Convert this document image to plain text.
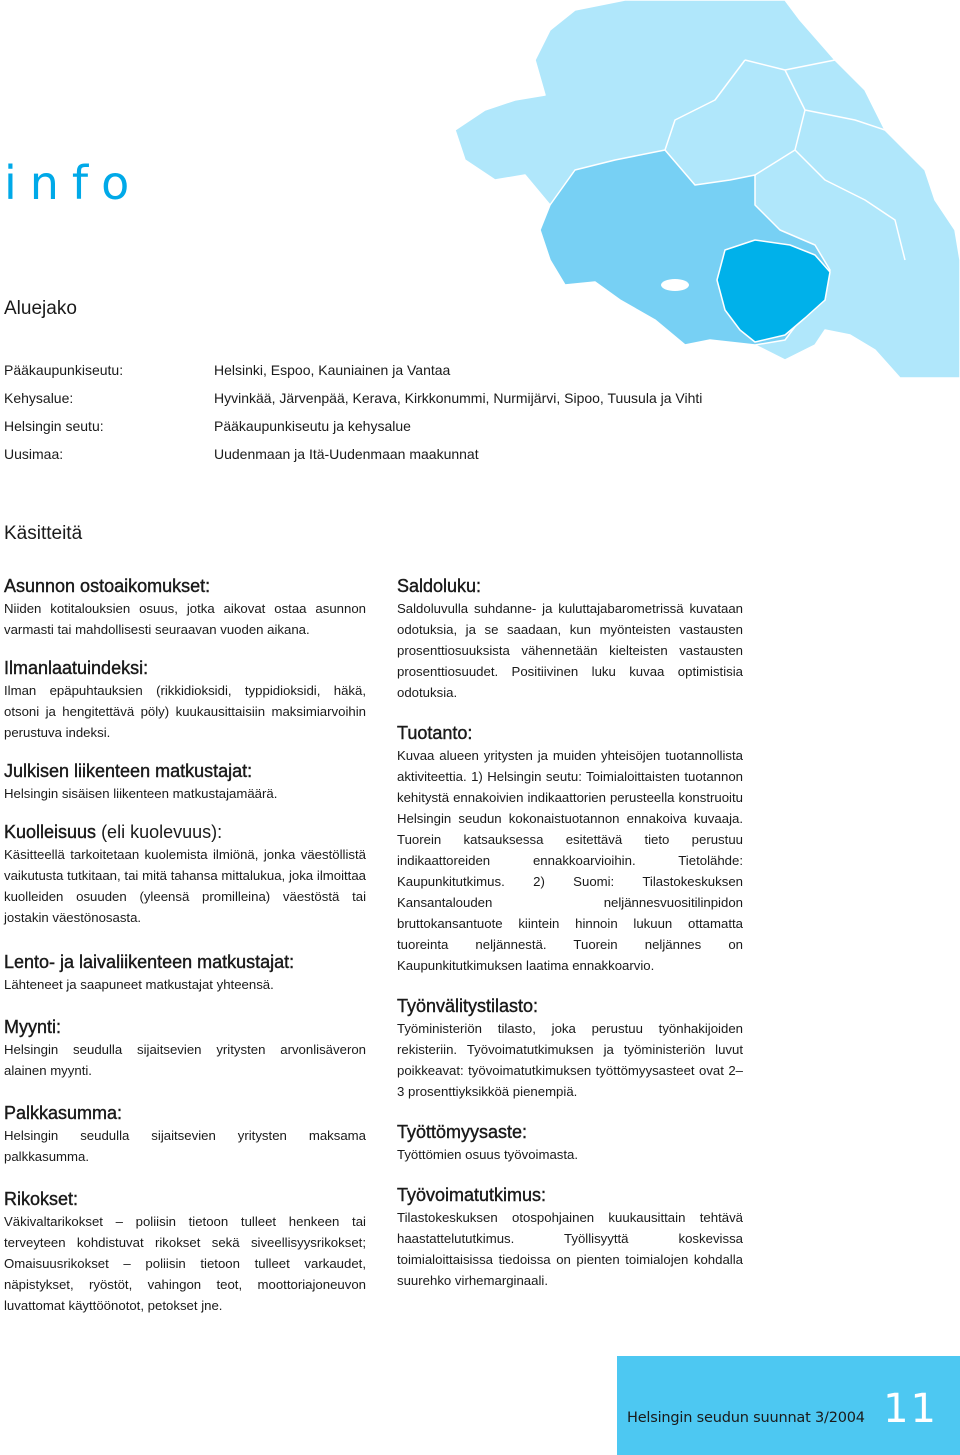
info
Aluejako
Pääkaupunkiseutu:	Helsinki, Espoo, Kauniainen ja Vantaa
Kehysalue:	Hyvinkää, Järvenpää, Kerava, Kirkkonummi, Nurmijärvi, Sipoo, Tuusula ja Vihti
Helsingin seutu:	Pääkaupunkiseutu ja kehysalue
Uusimaa:	Uudenmaan ja Itä-Uudenmaan maakunnat
Käsitteitä
Asunnon ostoaikomukset:

Niiden kotitalouksien osuus, jotka aikovat ostaa asunnon varmasti tai mahdollisesti seuraavan vuoden aikana.

Ilmanlaatuindeksi:

Ilman epäpuhtauksien (rikkidioksidi, typpidioksidi, häkä, otsoni ja hengitettävä pöly) kuukausittaisiin maksimiarvoihin perustuva indeksi.

Julkisen liikenteen matkustajat:

Helsingin sisäisen liikenteen matkustajamäärä.

Kuolleisuus (eli kuolevuus):

Käsitteellä tarkoitetaan kuolemista ilmiönä, jonka väestöllistä vaikutusta tutkitaan, tai mitä tahansa mittalukua, joka ilmoittaa kuolleiden osuuden (yleensä promilleina) väestöstä tai jostakin väestönosasta.

Lento- ja laivaliikenteen matkustajat:

Lähteneet ja saapuneet matkustajat yhteensä.

Myynti:

Helsingin seudulla sijaitsevien yritysten arvonlisäveron alainen myynti.

Palkkasumma:

Helsingin seudulla sijaitsevien yritysten maksama palkkasumma.

Rikokset:

Väkivaltarikokset – poliisin tietoon tulleet henkeen tai terveyteen kohdistuvat rikokset sekä siveellisyysrikokset; Omaisuusrikokset – poliisin tietoon tulleet varkaudet, näpistykset, ryöstöt, vahingon teot, moottoriajoneuvon luvattomat käyttöönotot, petokset jne.

Saldoluku:

Saldoluvulla suhdanne- ja kuluttajabarometrissä kuvataan odotuksia, ja se saadaan, kun myönteisten vastausten prosenttiosuuksista vähennetään kielteisten vastausten prosenttiosuudet. Positiivinen luku kuvaa optimistisia odotuksia.

Tuotanto:

Kuvaa alueen yritysten ja muiden yhteisöjen tuotannollista aktiviteettia. 1) Helsingin seutu: Toimialoittaisten tuotannon kehitystä ennakoivien indikaattorien perusteella konstruoitu Helsingin seudun kokonaistuotannon ennakoiva kuvaaja. Tuorein katsauksessa esitettävä tieto perustuu indikaattoreiden ennakkoarvioihin. Tietolähde: Kaupunkitutkimus. 2) Suomi: Tilastokeskuksen Kansantalouden neljännesvuositilinpidon bruttokansantuote kiintein hinnoin lukuun ottamatta tuoreinta neljännestä. Tuorein neljännes on Kaupunkitutkimuksen laatima ennakkoarvio.

Työnvälitystilasto:

Työministeriön tilasto, joka perustuu työnhakijoiden rekisteriin. Työvoimatutkimuksen ja työministeriön luvut poikkeavat: työvoimatutkimuksen työttömyysasteet ovat 2–3 prosenttiyksikköä pienempiä.

Työttömyysaste:

Työttömien osuus työvoimasta.

Työvoimatutkimus:

Tilastokeskuksen otospohjainen kuukausittain tehtävä haastattelututkimus. Työllisyyttä koskevissa toimialoittaisissa tiedoissa on pienten toimialojen kohdalla suurehko virhemarginaali.

Helsingin seudun suunnat 3/2004 11
